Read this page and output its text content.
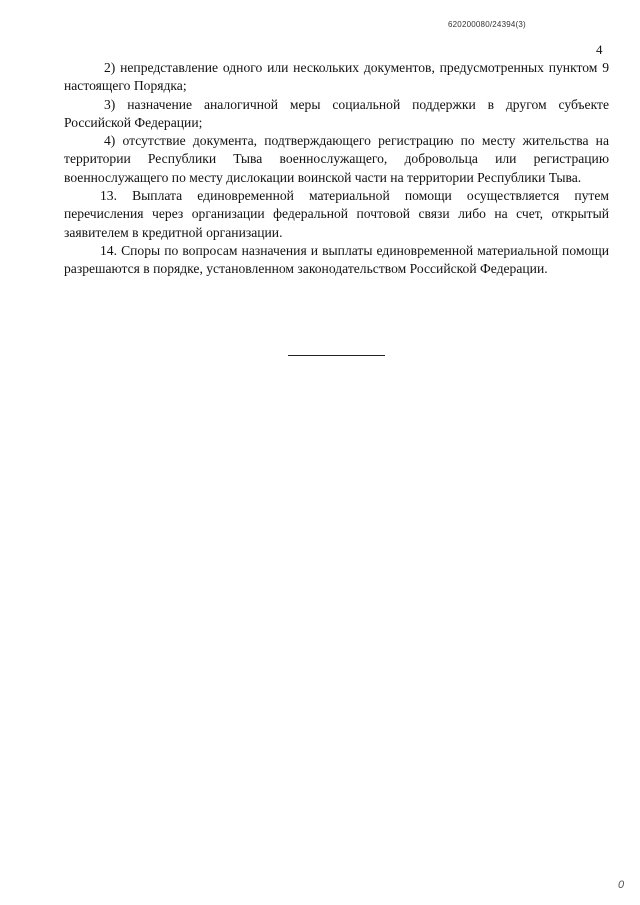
620200080/24394(3)
4

2) непредставление одного или нескольких документов, предусмотренных пунктом 9 настоящего Порядка;

3) назначение аналогичной меры социальной поддержки в другом субъекте Российской Федерации;

4) отсутствие документа, подтверждающего регистрацию по месту жительства на территории Республики Тыва военнослужащего, добровольца или регистрацию военнослужащего по месту дислокации воинской части на территории Республики Тыва.

13. Выплата единовременной материальной помощи осуществляется путем перечисления через организации федеральной почтовой связи либо на счет, открытый заявителем в кредитной организации.

14. Споры по вопросам назначения и выплаты единовременной материальной помощи разрешаются в порядке, установленном законодательством Российской Федерации.

0
